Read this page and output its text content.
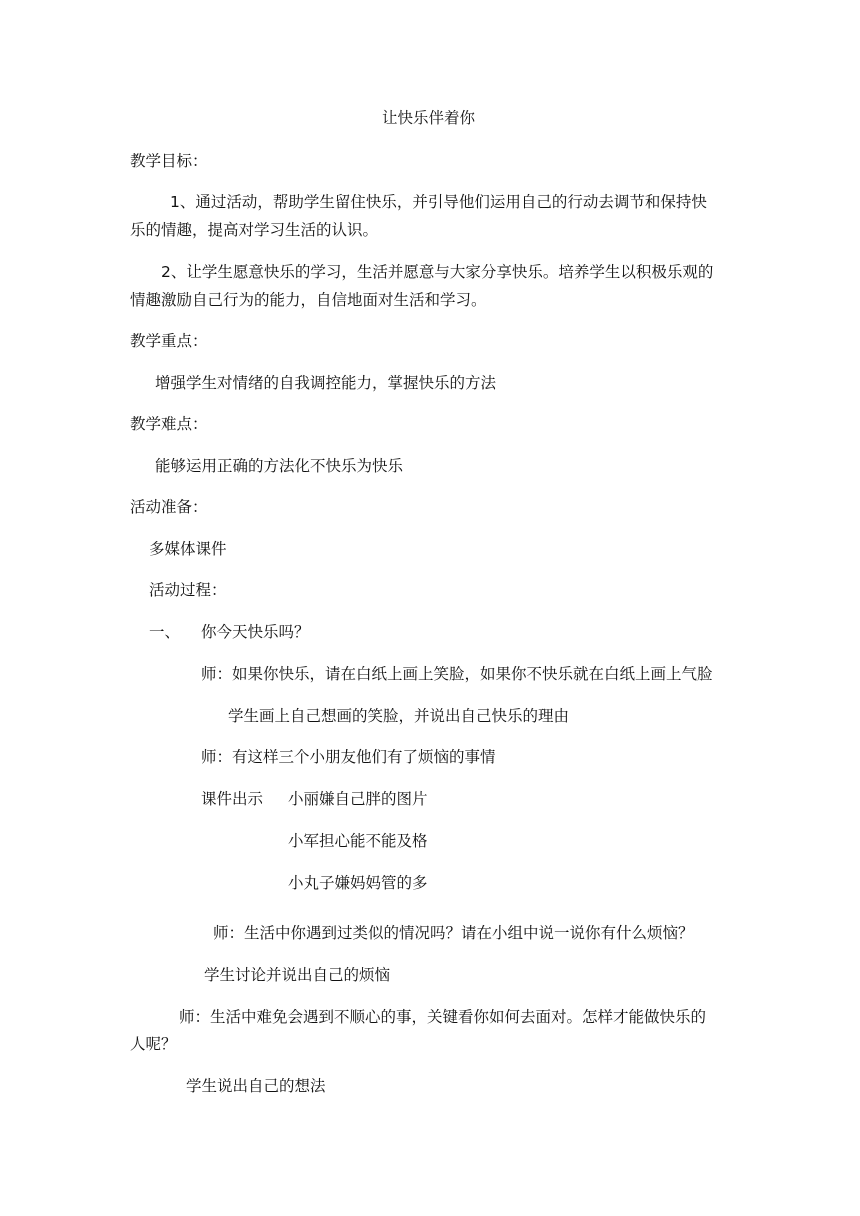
让快乐伴着你
教学目标：
1、通过活动，帮助学生留住快乐，并引导他们运用自己的行动去调节和保持快
乐的情趣，提高对学习生活的认识。
2、让学生愿意快乐的学习，生活并愿意与大家分享快乐。培养学生以积极乐观的
情趣激励自己行为的能力，自信地面对生活和学习。
教学重点：
增强学生对情绪的自我调控能力，掌握快乐的方法
教学难点：
能够运用正确的方法化不快乐为快乐
活动准备：
多媒体课件
活动过程：
一、 你今天快乐吗？
师：如果你快乐，请在白纸上画上笑脸，如果你不快乐就在白纸上画上气脸
学生画上自己想画的笑脸，并说出自己快乐的理由
师：有这样三个小朋友他们有了烦恼的事情
课件出示 小丽嫌自己胖的图片
小军担心能不能及格
小丸子嫌妈妈管的多
师：生活中你遇到过类似的情况吗？请在小组中说一说你有什么烦恼？
学生讨论并说出自己的烦恼
师：生活中难免会遇到不顺心的事，关键看你如何去面对。怎样才能做快乐的
人呢？
学生说出自己的想法
